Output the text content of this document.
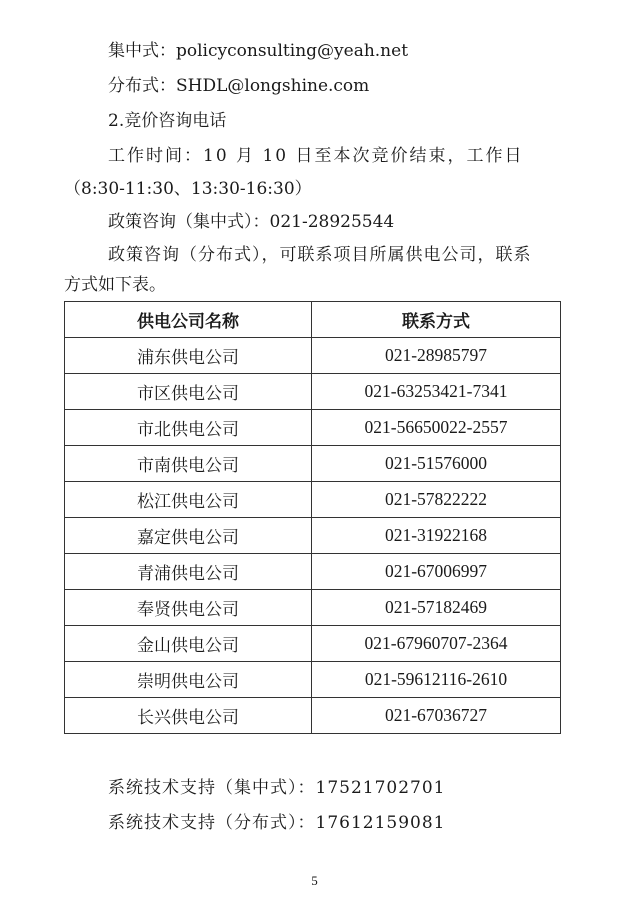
集中式：policyconsulting@yeah.net
分布式：SHDL@longshine.com
2.竞价咨询电话
工作时间：10 月 10 日至本次竞价结束，工作日
（8:30-11:30、13:30-16:30）
政策咨询（集中式）：021-28925544
政策咨询（分布式），可联系项目所属供电公司，联系
方式如下表。
供电公司名称	联系方式
浦东供电公司	021-28985797
市区供电公司	021-63253421-7341
市北供电公司	021-56650022-2557
市南供电公司	021-51576000
松江供电公司	021-57822222
嘉定供电公司	021-31922168
青浦供电公司	021-67006997
奉贤供电公司	021-57182469
金山供电公司	021-67960707-2364
崇明供电公司	021-59612116-2610
长兴供电公司	021-67036727
系统技术支持（集中式）：17521702701
系统技术支持（分布式）：17612159081
5
